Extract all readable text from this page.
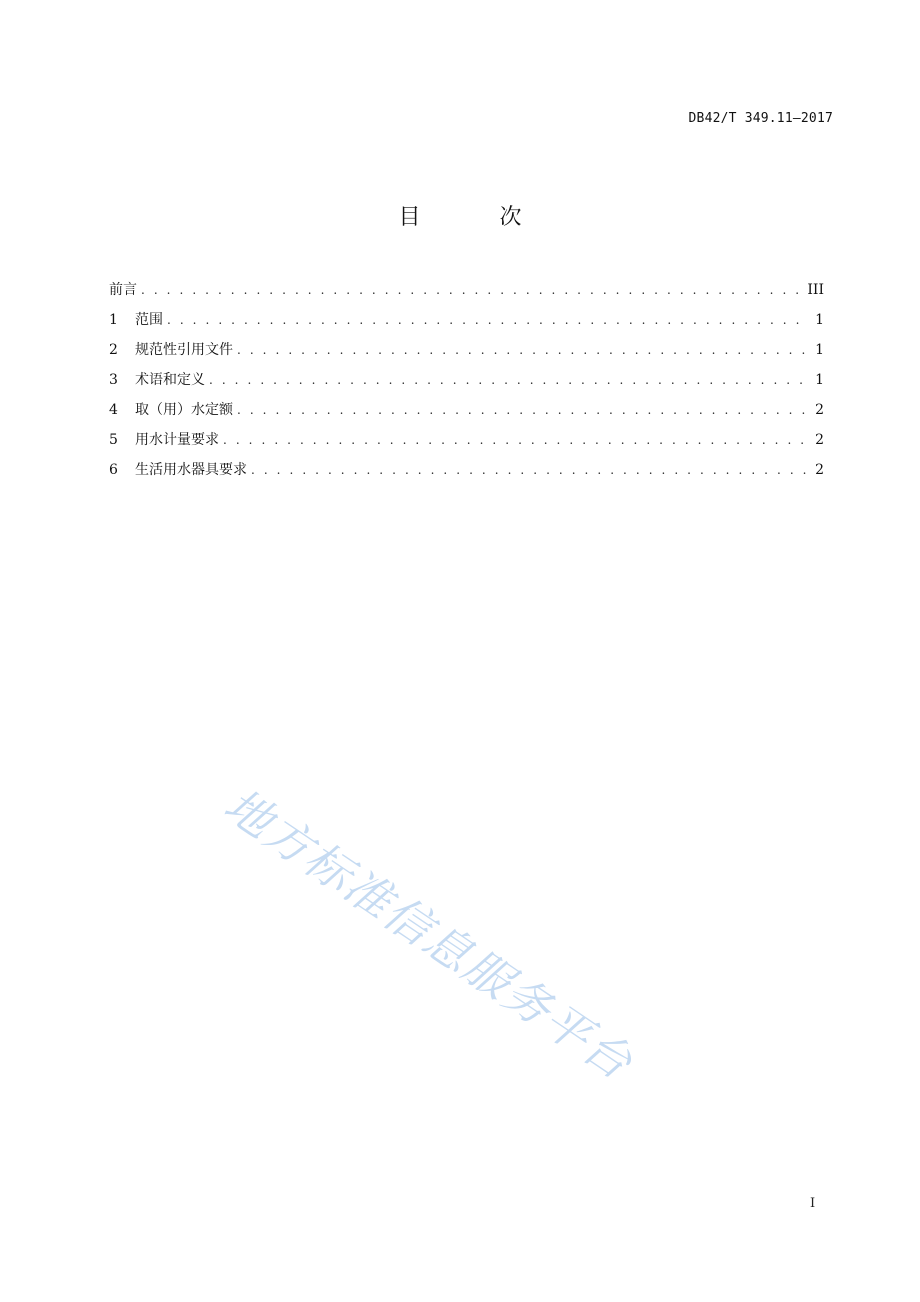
DB42/T 349.11—2017
目 次
前言 . . .	III
1	范围 . . .	1
2	规范性引用文件 . . .	1
3	术语和定义 . . .	1
4	取（用）水定额 . . .	2
5	用水计量要求 . . .	2
6	生活用水器具要求 . . .	2
地方标准信息服务平台
I
